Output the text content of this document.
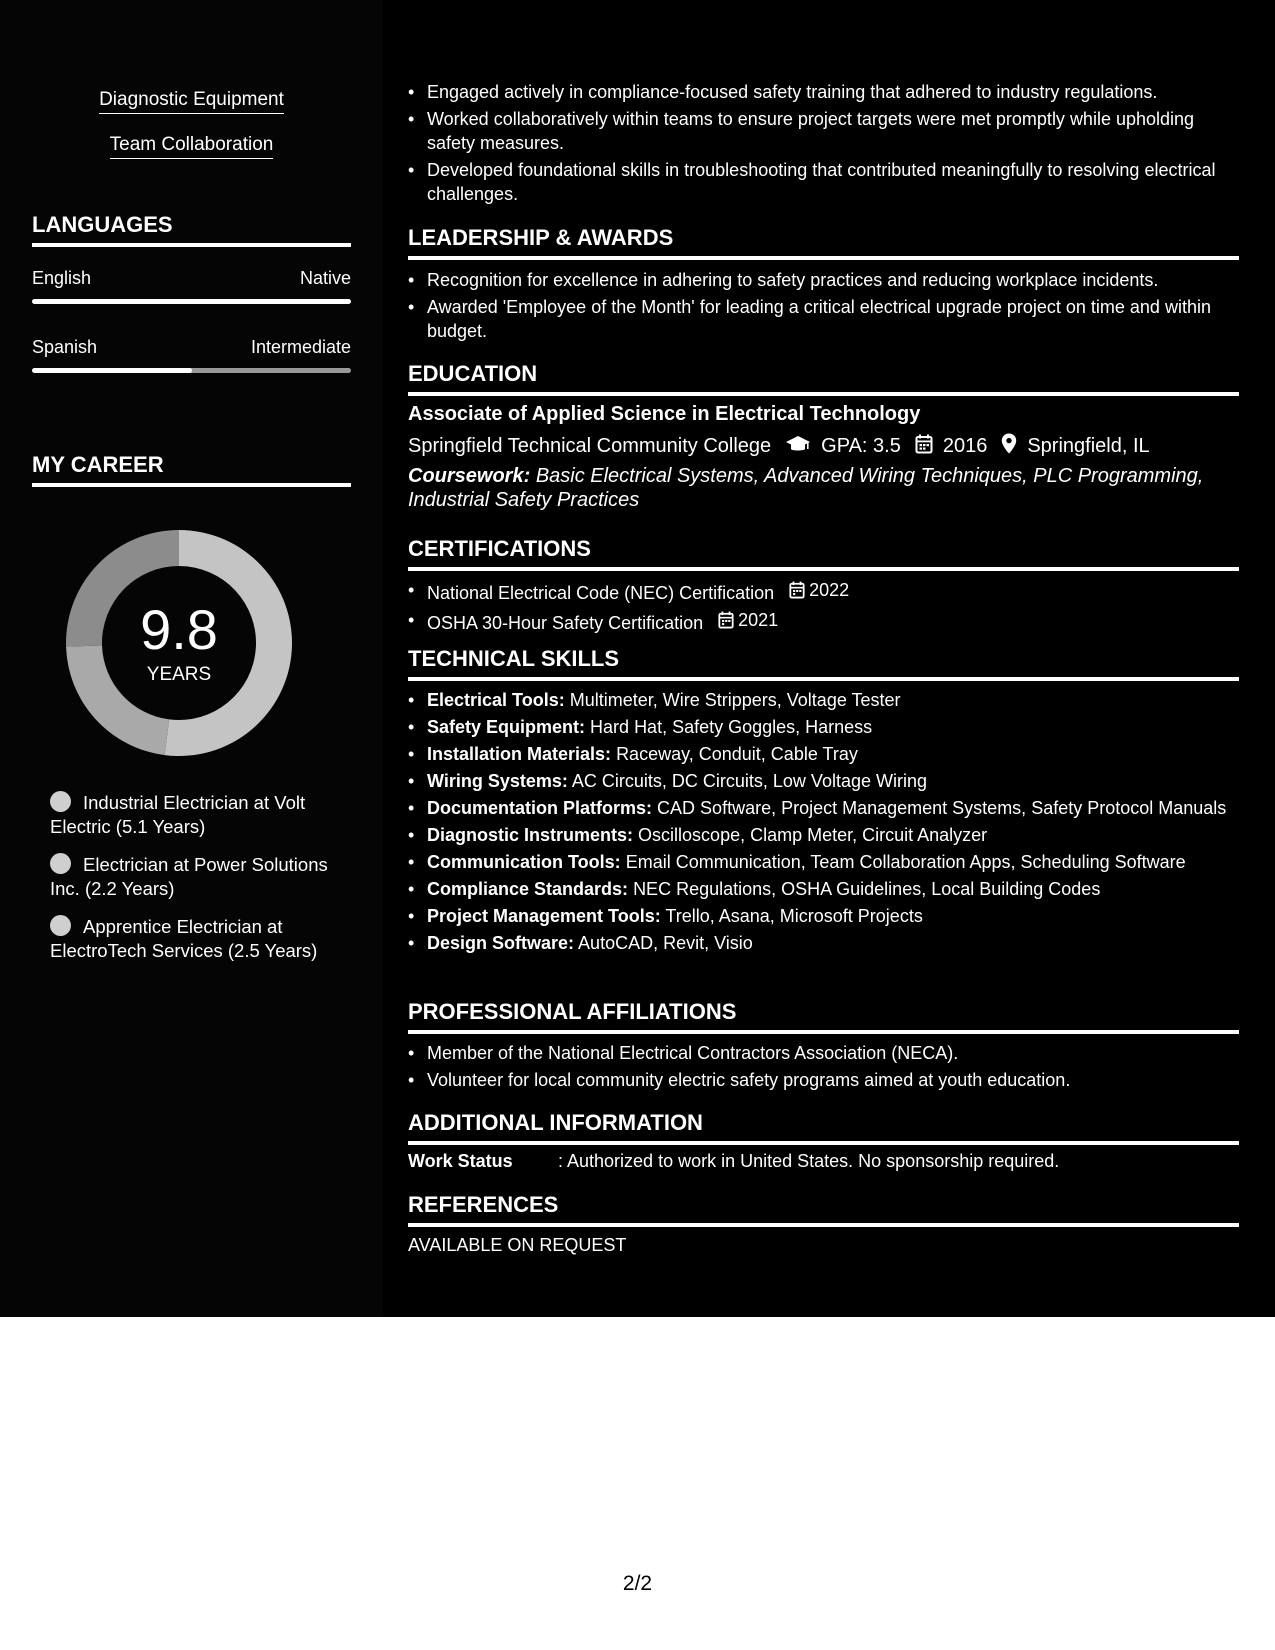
Diagnostic Equipment
Team Collaboration
LANGUAGES
English	Native
Spanish	Intermediate
MY CAREER
9.8
YEARS
Industrial Electrician at Volt Electric (5.1 Years)
Electrician at Power Solutions Inc. (2.2 Years)
Apprentice Electrician at ElectroTech Services (2.5 Years)
• Engaged actively in compliance-focused safety training that adhered to industry regulations.
• Worked collaboratively within teams to ensure project targets were met promptly while upholding safety measures.
• Developed foundational skills in troubleshooting that contributed meaningfully to resolving electrical challenges.
LEADERSHIP & AWARDS
• Recognition for excellence in adhering to safety practices and reducing workplace incidents.
• Awarded 'Employee of the Month' for leading a critical electrical upgrade project on time and within budget.
EDUCATION
Associate of Applied Science in Electrical Technology
Springfield Technical Community College	GPA: 3.5 2016 Springfield, IL
Coursework: Basic Electrical Systems, Advanced Wiring Techniques, PLC Programming, Industrial Safety Practices
CERTIFICATIONS
• National Electrical Code (NEC) Certification 2022
• OSHA 30-Hour Safety Certification 2021
TECHNICAL SKILLS
• Electrical Tools: Multimeter, Wire Strippers, Voltage Tester
• Safety Equipment: Hard Hat, Safety Goggles, Harness
• Installation Materials: Raceway, Conduit, Cable Tray
• Wiring Systems: AC Circuits, DC Circuits, Low Voltage Wiring
• Documentation Platforms: CAD Software, Project Management Systems, Safety Protocol Manuals
• Diagnostic Instruments: Oscilloscope, Clamp Meter, Circuit Analyzer
• Communication Tools: Email Communication, Team Collaboration Apps, Scheduling Software
• Compliance Standards: NEC Regulations, OSHA Guidelines, Local Building Codes
• Project Management Tools: Trello, Asana, Microsoft Projects
• Design Software: AutoCAD, Revit, Visio
PROFESSIONAL AFFILIATIONS
• Member of the National Electrical Contractors Association (NECA).
• Volunteer for local community electric safety programs aimed at youth education.
ADDITIONAL INFORMATION
Work Status	: Authorized to work in United States. No sponsorship required.
REFERENCES
AVAILABLE ON REQUEST
2/2
